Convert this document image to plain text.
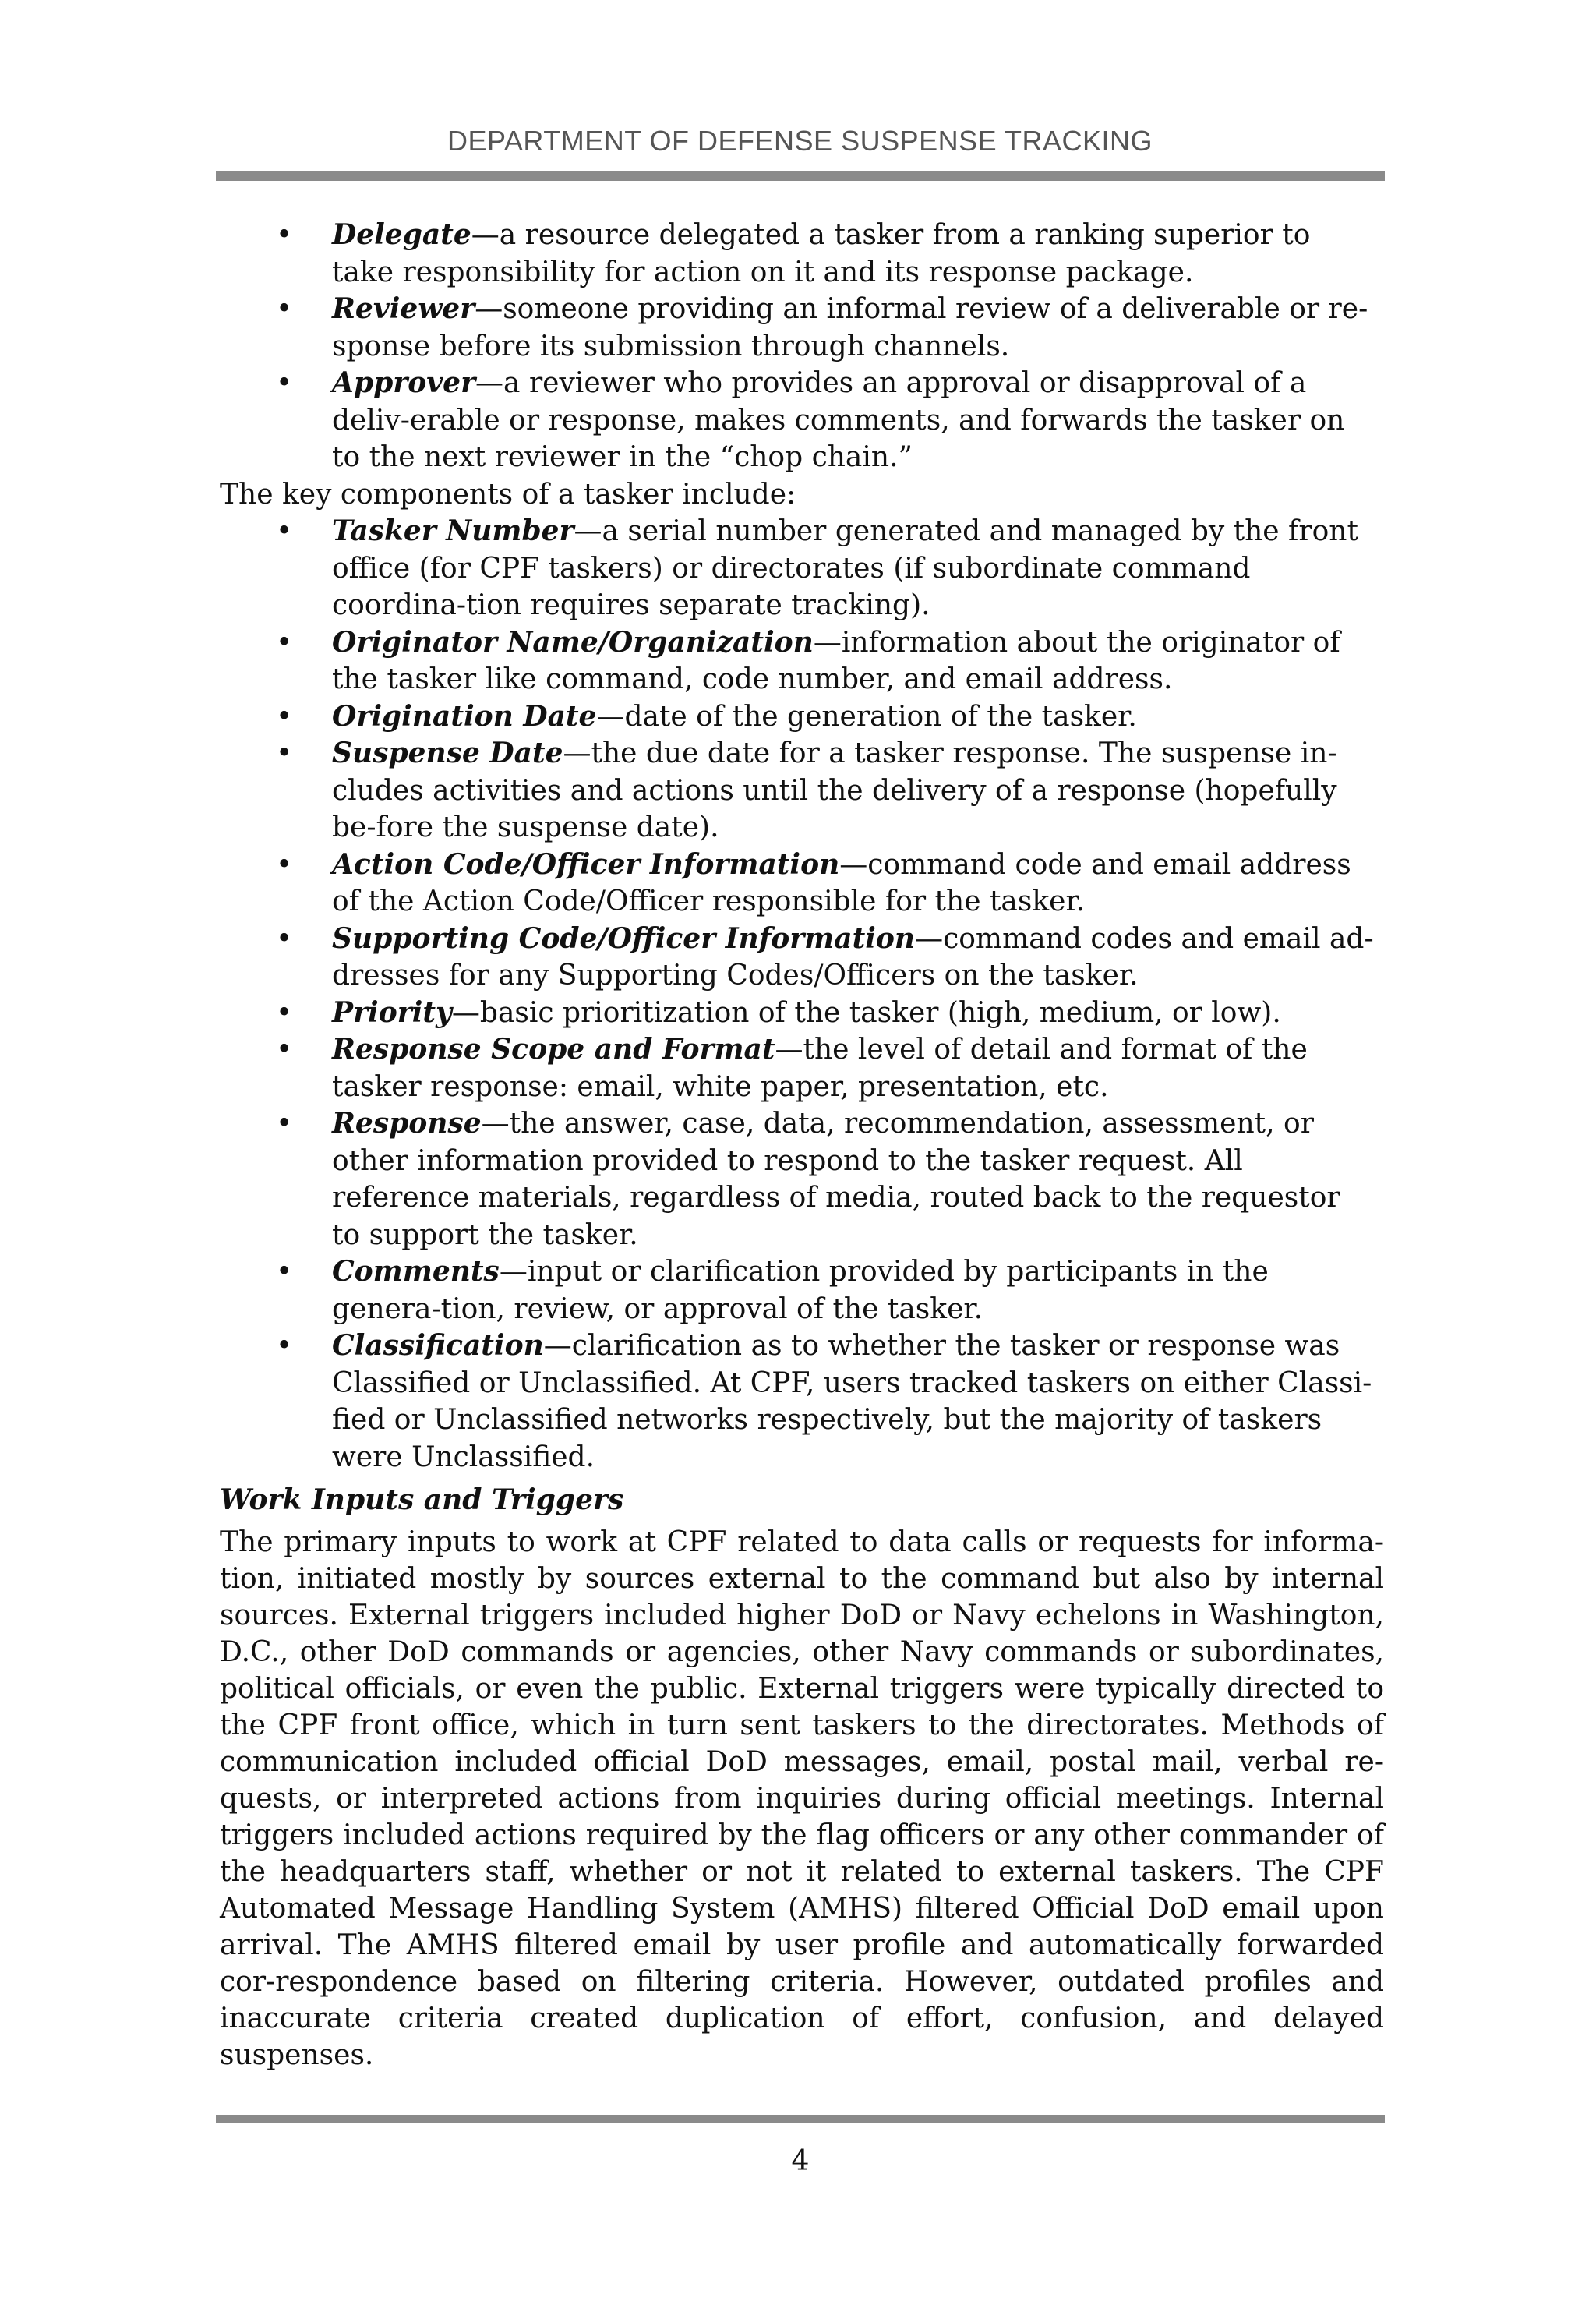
DEPARTMENT OF DEFENSE SUSPENSE TRACKING
• Delegate—a resource delegated a tasker from a ranking superior to take responsibility for action on it and its response package.
• Reviewer—someone providing an informal review of a deliverable or re-sponse before its submission through channels.
• Approver—a reviewer who provides an approval or disapproval of a deliv-erable or response, makes comments, and forwards the tasker on to the next reviewer in the “chop chain.”

The key components of a tasker include:

• Tasker Number—a serial number generated and managed by the front office (for CPF taskers) or directorates (if subordinate command coordina-tion requires separate tracking).
• Originator Name/Organization—information about the originator of the tasker like command, code number, and email address.
• Origination Date—date of the generation of the tasker.
• Suspense Date—the due date for a tasker response. The suspense in-cludes activities and actions until the delivery of a response (hopefully be-fore the suspense date).
• Action Code/Officer Information—command code and email address of the Action Code/Officer responsible for the tasker.
• Supporting Code/Officer Information—command codes and email ad-dresses for any Supporting Codes/Officers on the tasker.
• Priority—basic prioritization of the tasker (high, medium, or low).
• Response Scope and Format—the level of detail and format of the tasker response: email, white paper, presentation, etc.
• Response—the answer, case, data, recommendation, assessment, or other information provided to respond to the tasker request. All reference materials, regardless of media, routed back to the requestor to support the tasker.
• Comments—input or clarification provided by participants in the genera-tion, review, or approval of the tasker.
• Classification—clarification as to whether the tasker or response was Classified or Unclassified. At CPF, users tracked taskers on either Classi-fied or Unclassified networks respectively, but the majority of taskers were Unclassified.
Work Inputs and Triggers

The primary inputs to work at CPF related to data calls or requests for informa-tion, initiated mostly by sources external to the command but also by internal sources. External triggers included higher DoD or Navy echelons in Washington, D.C., other DoD commands or agencies, other Navy commands or subordinates, political officials, or even the public. External triggers were typically directed to the CPF front office, which in turn sent taskers to the directorates. Methods of communication included official DoD messages, email, postal mail, verbal re-quests, or interpreted actions from inquiries during official meetings. Internal triggers included actions required by the flag officers or any other commander of the headquarters staff, whether or not it related to external taskers. The CPF Automated Message Handling System (AMHS) filtered Official DoD email upon arrival. The AMHS filtered email by user profile and automatically forwarded cor-respondence based on filtering criteria. However, outdated profiles and inaccurate criteria created duplication of effort, confusion, and delayed suspenses.

4
